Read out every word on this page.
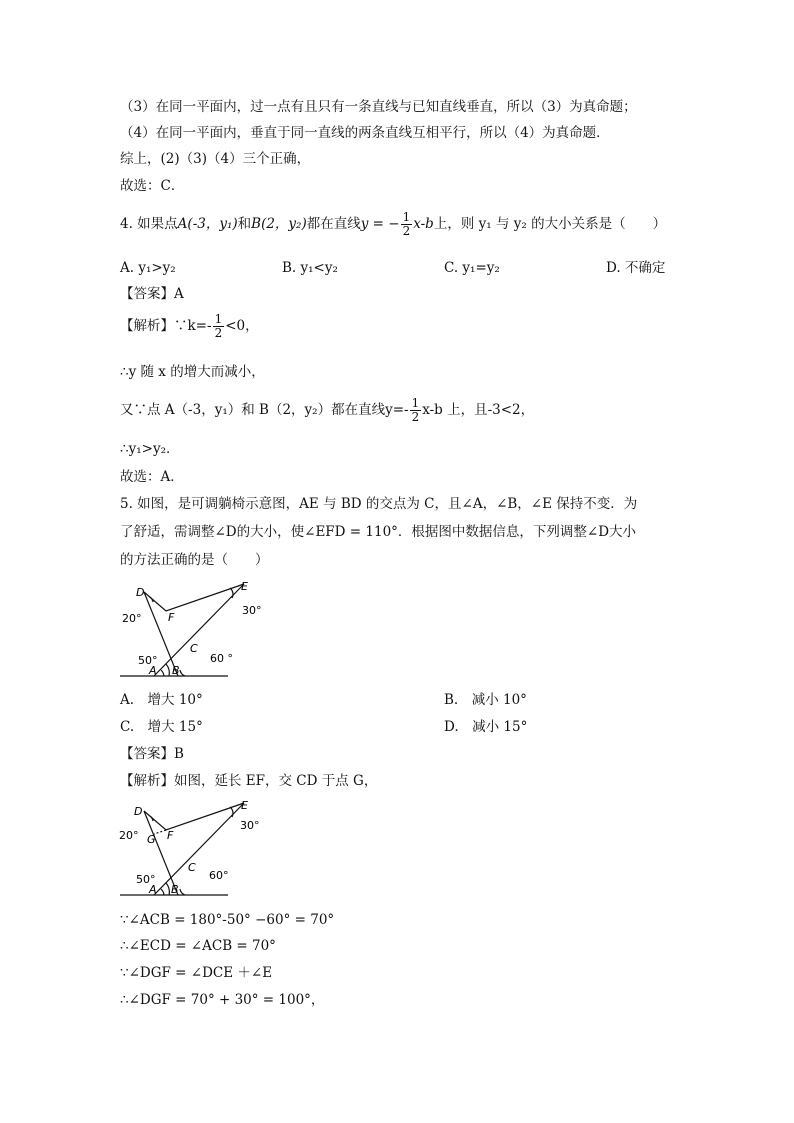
（3）在同一平面内，过一点有且只有一条直线与已知直线垂直，所以（3）为真命题；
（4）在同一平面内，垂直于同一直线的两条直线互相平行，所以（4）为真命题．
综上，(2)（3)（4）三个正确，
故选：C．
4. 如果点A(-3，y₁)和B(2，y₂)都在直线y = − $\frac{1}{2} x-b$上，则 y₁ 与 y₂ 的大小关系是（　　）
A. y₁>y₂	B. y₁<y₂	C. y₁=y₂	D. 不确定
【答案】A
【解析】∵k=- $\frac{1}{2} <0$，
∴y 随 x 的增大而减小，
又∵点 A（-3，y₁）和 B（2，y₂）都在直线$y=- \frac{1}{2} x-b$ 上，且-3<2，
∴y₁>y₂．
故选：A．
5. 如图，是可调躺椅示意图，AE 与 BD 的交点为 C，且∠A，∠B，∠E 保持不变．为
了舒适，需调整∠D的大小，使∠EFD = 110°．根据图中数据信息，下列调整∠D大小
的方法正确的是（　　）
D	E
F
C
A B
20°
30°
50°	60 °
A.　增大 10°	B.　减小 10°
C.　增大 15°	D.　减小 15°
【答案】B
【解析】如图，延长 EF，交 CD 于点 G，
D	E
F
G
C
A B
20°
30°
50°	60°
∵∠ACB = 180°-50° −60° = 70°
∴∠ECD = ∠ACB = 70°
∵∠DGF = ∠DCE ＋∠E
∴∠DGF = 70° + 30° = 100°，
